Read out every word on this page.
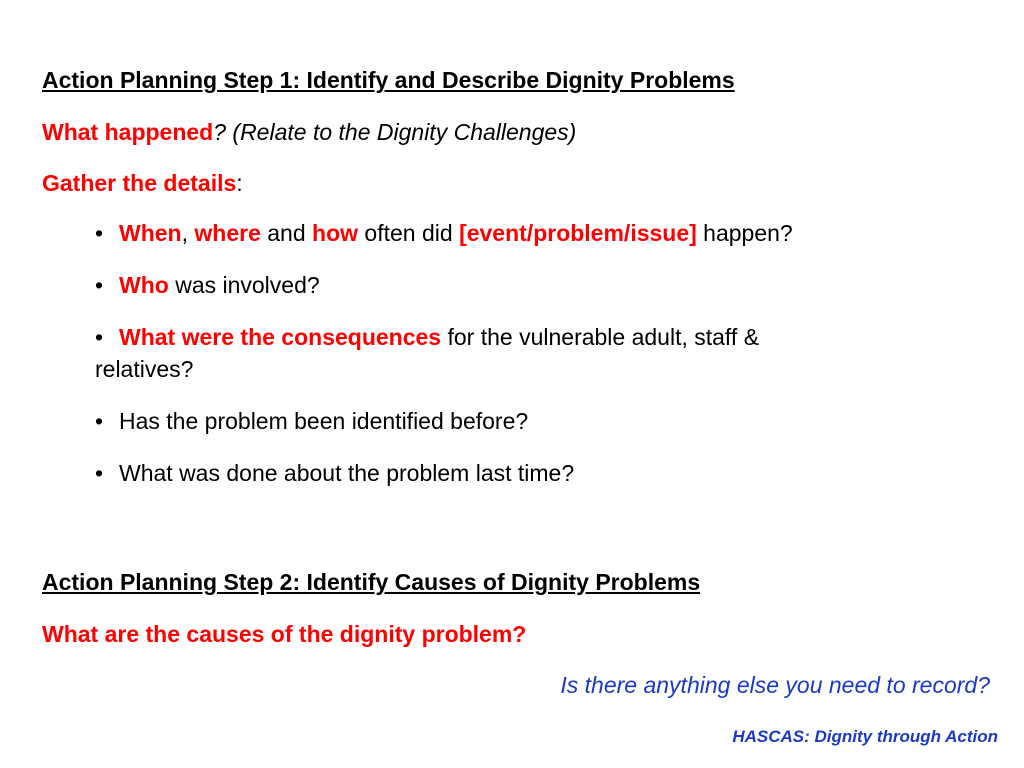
Action Planning Step 1: Identify and Describe Dignity Problems
What happened? (Relate to the Dignity Challenges)
Gather the details:
• When, where and how often did [event/problem/issue] happen?
• Who was involved?
• What were the consequences for the vulnerable adult, staff &
relatives?
• Has the problem been identified before?
• What was done about the problem last time?
Action Planning Step 2: Identify Causes of Dignity Problems
What are the causes of the dignity problem?
Is there anything else you need to record?
HASCAS: Dignity through Action
